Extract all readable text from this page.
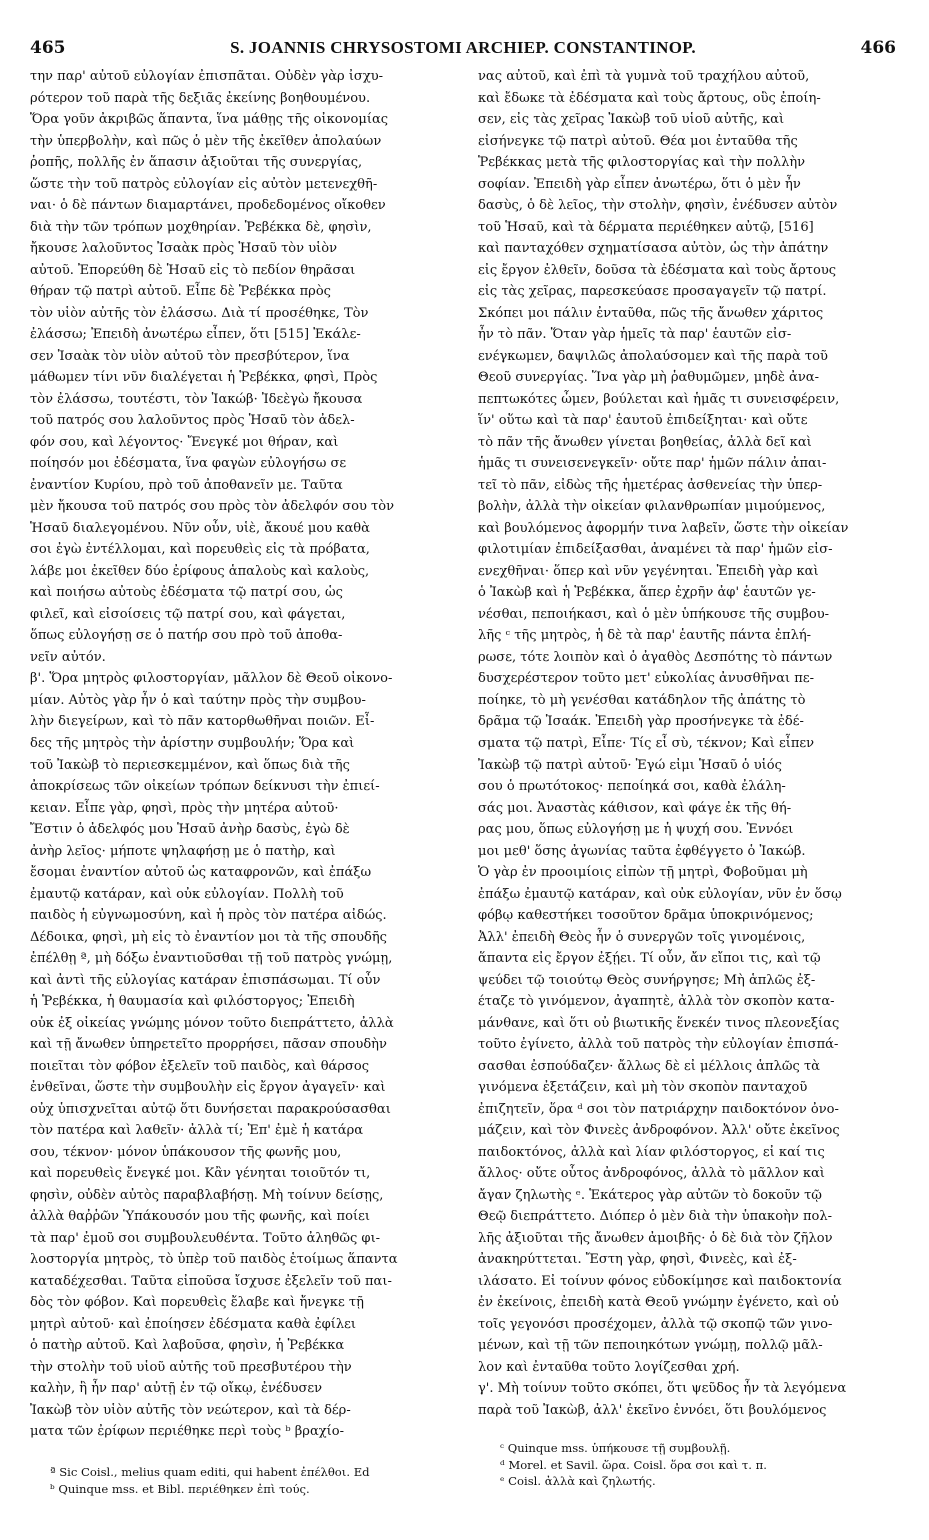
465	S. JOANNIS CHRYSOSTOMI ARCHIEP. CONSTANTINOP.	466
την παρ' αὐτοῦ εὐλογίαν ἐπισπᾶται. Οὐδὲν γὰρ ἰσχυ-
ρότερον τοῦ παρὰ τῆς δεξιᾶς ἐκείνης βοηθουμένου.
Ὅρα γοῦν ἀκριβῶς ἅπαντα, ἵνα μάθῃς τῆς οἰκονομίας
τὴν ὑπερβολὴν, καὶ πῶς ὁ μὲν τῆς ἐκεῖθεν ἀπολαύων
ῥοπῆς, πολλῆς ἐν ἅπασιν ἀξιοῦται τῆς συνεργίας,
ὥστε τὴν τοῦ πατρὸς εὐλογίαν εἰς αὐτὸν μετενεχθῆ-
ναι· ὁ δὲ πάντων διαμαρτάνει, προδεδομένος οἴκοθεν
διὰ τὴν τῶν τρόπων μοχθηρίαν. Ῥεβέκκα δὲ, φησὶν,
ἤκουσε λαλοῦντος Ἰσαὰκ πρὸς Ἡσαῦ τὸν υἱὸν
αὐτοῦ. Ἐπορεύθη δὲ Ἡσαῦ εἰς τὸ πεδίον θηρᾶσαι
θήραν τῷ πατρὶ αὐτοῦ. Εἶπε δὲ Ῥεβέκκα πρὸς
τὸν υἱὸν αὐτῆς τὸν ἐλάσσω. Διὰ τί προσέθηκε, Τὸν
ἐλάσσω; Ἐπειδὴ ἀνωτέρω εἶπεν, ὅτι [515] Ἐκάλε-
σεν Ἰσαὰκ τὸν υἱὸν αὐτοῦ τὸν πρεσβύτερον, ἵνα
μάθωμεν τίνι νῦν διαλέγεται ἡ Ῥεβέκκα, φησὶ, Πρὸς
τὸν ἐλάσσω, τουτέστι, τὸν Ἰακώβ· Ἰδεὲγὼ ἤκουσα
τοῦ πατρός σου λαλοῦντος πρὸς Ἡσαῦ τὸν ἀδελ-
φόν σου, καὶ λέγοντος· Ἔνεγκέ μοι θήραν, καὶ
ποίησόν μοι ἐδέσματα, ἵνα φαγὼν εὐλογήσω σε
ἐναντίον Κυρίου, πρὸ τοῦ ἀποθανεῖν με. Ταῦτα
μὲν ἤκουσα τοῦ πατρός σου πρὸς τὸν ἀδελφόν σου τὸν
Ἡσαῦ διαλεγομένου. Νῦν οὖν, υἱὲ, ἄκουέ μου καθὰ
σοι ἐγὼ ἐντέλλομαι, καὶ πορευθεὶς εἰς τὰ πρόβατα,
λάβε μοι ἐκεῖθεν δύο ἐρίφους ἁπαλοὺς καὶ καλοὺς,
καὶ ποιήσω αὐτοὺς ἐδέσματα τῷ πατρί σου, ὡς
φιλεῖ, καὶ εἰσοίσεις τῷ πατρί σου, καὶ φάγεται,
ὅπως εὐλογήσῃ σε ὁ πατήρ σου πρὸ τοῦ ἀποθα-
νεῖν αὐτόν.
β'. Ὅρα μητρὸς φιλοστοργίαν, μᾶλλον δὲ Θεοῦ οἰκονο-
μίαν. Αὐτὸς γὰρ ἦν ὁ καὶ ταύτην πρὸς τὴν συμβου-
λὴν διεγείρων, καὶ τὸ πᾶν κατορθωθῆναι ποιῶν. Εἶ-
δες τῆς μητρὸς τὴν ἀρίστην συμβουλήν; Ὅρα καὶ
τοῦ Ἰακὼβ τὸ περιεσκεμμένον, καὶ ὅπως διὰ τῆς
ἀποκρίσεως τῶν οἰκείων τρόπων δείκνυσι τὴν ἐπιεί-
κειαν. Εἶπε γὰρ, φησὶ, πρὸς τὴν μητέρα αὐτοῦ·
Ἔστιν ὁ ἀδελφός μου Ἡσαῦ ἀνὴρ δασὺς, ἐγὼ δὲ
ἀνὴρ λεῖος· μήποτε ψηλαφήσῃ με ὁ πατὴρ, καὶ
ἔσομαι ἐναντίον αὐτοῦ ὡς καταφρονῶν, καὶ ἐπάξω
ἐμαυτῷ κατάραν, καὶ οὐκ εὐλογίαν. Πολλὴ τοῦ
παιδὸς ἡ εὐγνωμοσύνη, καὶ ἡ πρὸς τὸν πατέρα αἰδώς.
Δέδοικα, φησὶ, μὴ εἰς τὸ ἐναντίον μοι τὰ τῆς σπουδῆς
ἐπέλθῃ ª, μὴ δόξω ἐναντιοῦσθαι τῇ τοῦ πατρὸς γνώμῃ,
καὶ ἀντὶ τῆς εὐλογίας κατάραν ἐπισπάσωμαι. Τί οὖν
ἡ Ῥεβέκκα, ἡ θαυμασία καὶ φιλόστοργος; Ἐπειδὴ
οὐκ ἐξ οἰκείας γνώμης μόνον τοῦτο διεπράττετο, ἀλλὰ
καὶ τῇ ἄνωθεν ὑπηρετεῖτο προρρήσει, πᾶσαν σπουδὴν
ποιεῖται τὸν φόβον ἐξελεῖν τοῦ παιδὸς, καὶ θάρσος
ἐνθεῖναι, ὥστε τὴν συμβουλὴν εἰς ἔργον ἀγαγεῖν· καὶ
οὐχ ὑπισχνεῖται αὐτῷ ὅτι δυνήσεται παρακρούσασθαι
τὸν πατέρα καὶ λαθεῖν· ἀλλὰ τί; Ἐπ' ἐμὲ ἡ κατάρα
σου, τέκνον· μόνον ὑπάκουσον τῆς φωνῆς μου,
καὶ πορευθεὶς ἔνεγκέ μοι. Κἂν γένηται τοιοῦτόν τι,
φησὶν, οὐδὲν αὐτὸς παραβλαβήσῃ. Μὴ τοίνυν δείσῃς,
ἀλλὰ θαῤῥῶν Ὑπάκουσόν μου τῆς φωνῆς, καὶ ποίει
τὰ παρ' ἐμοῦ σοι συμβουλευθέντα. Τοῦτο ἀληθῶς φι-
λοστοργία μητρὸς, τὸ ὑπὲρ τοῦ παιδὸς ἑτοίμως ἅπαντα
καταδέχεσθαι. Ταῦτα εἰποῦσα ἴσχυσε ἐξελεῖν τοῦ παι-
δὸς τὸν φόβον. Καὶ πορευθεὶς ἔλαβε καὶ ἤνεγκε τῇ
μητρὶ αὐτοῦ· καὶ ἐποίησεν ἐδέσματα καθὰ ἐφίλει
ὁ πατὴρ αὐτοῦ. Καὶ λαβοῦσα, φησὶν, ἡ Ῥεβέκκα
τὴν στολὴν τοῦ υἱοῦ αὐτῆς τοῦ πρεσβυτέρου τὴν
καλὴν, ἣ ἦν παρ' αὐτῇ ἐν τῷ οἴκῳ, ἐνέδυσεν
Ἰακὼβ τὸν υἱὸν αὐτῆς τὸν νεώτερον, καὶ τὰ δέρ-
ματα τῶν ἐρίφων περιέθηκε περὶ τοὺς ᵇ βραχίο-
νας αὐτοῦ, καὶ ἐπὶ τὰ γυμνὰ τοῦ τραχήλου αὐτοῦ,
καὶ ἔδωκε τὰ ἐδέσματα καὶ τοὺς ἄρτους, οὓς ἐποίη-
σεν, εἰς τὰς χεῖρας Ἰακὼβ τοῦ υἱοῦ αὐτῆς, καὶ
εἰσήνεγκε τῷ πατρὶ αὐτοῦ. Θέα μοι ἐνταῦθα τῆς
Ῥεβέκκας μετὰ τῆς φιλοστοργίας καὶ τὴν πολλὴν
σοφίαν. Ἐπειδὴ γὰρ εἶπεν ἀνωτέρω, ὅτι ὁ μὲν ἦν
δασὺς, ὁ δὲ λεῖος, τὴν στολὴν, φησὶν, ἐνέδυσεν αὐτὸν
τοῦ Ἡσαῦ, καὶ τὰ δέρματα περιέθηκεν αὐτῷ, [516]
καὶ πανταχόθεν σχηματίσασα αὐτὸν, ὡς τὴν ἀπάτην
εἰς ἔργον ἐλθεῖν, δοῦσα τὰ ἐδέσματα καὶ τοὺς ἄρτους
εἰς τὰς χεῖρας, παρεσκεύασε προσαγαγεῖν τῷ πατρί.
Σκόπει μοι πάλιν ἐνταῦθα, πῶς τῆς ἄνωθεν χάριτος
ἦν τὸ πᾶν. Ὅταν γὰρ ἡμεῖς τὰ παρ' ἑαυτῶν εἰσ-
ενέγκωμεν, δαψιλῶς ἀπολαύσομεν καὶ τῆς παρὰ τοῦ
Θεοῦ συνεργίας. Ἵνα γὰρ μὴ ῥαθυμῶμεν, μηδὲ ἀνα-
πεπτωκότες ὦμεν, βούλεται καὶ ἡμᾶς τι συνεισφέρειν,
ἵν' οὕτω καὶ τὰ παρ' ἑαυτοῦ ἐπιδείξηται· καὶ οὔτε
τὸ πᾶν τῆς ἄνωθεν γίνεται βοηθείας, ἀλλὰ δεῖ καὶ
ἡμᾶς τι συνεισενεγκεῖν· οὔτε παρ' ἡμῶν πάλιν ἀπαι-
τεῖ τὸ πᾶν, εἰδὼς τῆς ἡμετέρας ἀσθενείας τὴν ὑπερ-
βολὴν, ἀλλὰ τὴν οἰκείαν φιλανθρωπίαν μιμούμενος,
καὶ βουλόμενος ἀφορμήν τινα λαβεῖν, ὥστε τὴν οἰκείαν
φιλοτιμίαν ἐπιδείξασθαι, ἀναμένει τὰ παρ' ἡμῶν εἰσ-
ενεχθῆναι· ὅπερ καὶ νῦν γεγένηται. Ἐπειδὴ γὰρ καὶ
ὁ Ἰακὼβ καὶ ἡ Ῥεβέκκα, ἅπερ ἐχρῆν ἀφ' ἑαυτῶν γε-
νέσθαι, πεποιήκασι, καὶ ὁ μὲν ὑπήκουσε τῆς συμβου-
λῆς ᶜ τῆς μητρὸς, ἡ δὲ τὰ παρ' ἑαυτῆς πάντα ἐπλή-
ρωσε, τότε λοιπὸν καὶ ὁ ἀγαθὸς Δεσπότης τὸ πάντων
δυσχερέστερον τοῦτο μετ' εὐκολίας ἀνυσθῆναι πε-
ποίηκε, τὸ μὴ γενέσθαι κατάδηλον τῆς ἀπάτης τὸ
δρᾶμα τῷ Ἰσαάκ. Ἐπειδὴ γὰρ προσήνεγκε τὰ ἐδέ-
σματα τῷ πατρὶ, Εἶπε· Τίς εἶ σὺ, τέκνον; Καὶ εἶπεν
Ἰακὼβ τῷ πατρὶ αὐτοῦ· Ἐγώ εἰμι Ἡσαῦ ὁ υἱός
σου ὁ πρωτότοκος· πεποίηκά σοι, καθὰ ἐλάλη-
σάς μοι. Ἀναστὰς κάθισον, καὶ φάγε ἐκ τῆς θή-
ρας μου, ὅπως εὐλογήσῃ με ἡ ψυχή σου. Ἐννόει
μοι μεθ' ὅσης ἀγωνίας ταῦτα ἐφθέγγετο ὁ Ἰακώβ.
Ὁ γὰρ ἐν προοιμίοις εἰπὼν τῇ μητρὶ, Φοβοῦμαι μὴ
ἐπάξω ἐμαυτῷ κατάραν, καὶ οὐκ εὐλογίαν, νῦν ἐν ὅσῳ
φόβῳ καθεστήκει τοσοῦτον δρᾶμα ὑποκρινόμενος;
Ἀλλ' ἐπειδὴ Θεὸς ἦν ὁ συνεργῶν τοῖς γινομένοις,
ἅπαντα εἰς ἔργον ἐξῄει. Τί οὖν, ἄν εἴποι τις, καὶ τῷ
ψεύδει τῷ τοιούτῳ Θεὸς συνήργησε; Μὴ ἁπλῶς ἐξ-
έταζε τὸ γινόμενον, ἀγαπητὲ, ἀλλὰ τὸν σκοπὸν κατα-
μάνθανε, καὶ ὅτι οὐ βιωτικῆς ἕνεκέν τινος πλεονεξίας
τοῦτο ἐγίνετο, ἀλλὰ τοῦ πατρὸς τὴν εὐλογίαν ἐπισπά-
σασθαι ἐσπούδαζεν· ἄλλως δὲ εἰ μέλλοις ἁπλῶς τὰ
γινόμενα ἐξετάζειν, καὶ μὴ τὸν σκοπὸν πανταχοῦ
ἐπιζητεῖν, ὅρα ᵈ σοι τὸν πατριάρχην παιδοκτόνον ὀνο-
μάζειν, καὶ τὸν Φινεὲς ἀνδροφόνον. Ἀλλ' οὔτε ἐκεῖνος
παιδοκτόνος, ἀλλὰ καὶ λίαν φιλόστοργος, εἰ καί τις
ἄλλος· οὔτε οὗτος ἀνδροφόνος, ἀλλὰ τὸ μᾶλλον καὶ
ἄγαν ζηλωτὴς ᵉ. Ἑκάτερος γὰρ αὐτῶν τὸ δοκοῦν τῷ
Θεῷ διεπράττετο. Διόπερ ὁ μὲν διὰ τὴν ὑπακοὴν πολ-
λῆς ἀξιοῦται τῆς ἄνωθεν ἀμοιβῆς· ὁ δὲ διὰ τὸν ζῆλον
ἀνακηρύττεται. Ἔστη γὰρ, φησὶ, Φινεὲς, καὶ ἐξ-
ιλάσατο. Εἰ τοίνυν φόνος εὐδοκίμησε καὶ παιδοκτονία
ἐν ἐκείνοις, ἐπειδὴ κατὰ Θεοῦ γνώμην ἐγένετο, καὶ οὐ
τοῖς γεγονόσι προσέχομεν, ἀλλὰ τῷ σκοπῷ τῶν γινο-
μένων, καὶ τῇ τῶν πεποιηκότων γνώμῃ, πολλῷ μᾶλ-
λον καὶ ἐνταῦθα τοῦτο λογίζεσθαι χρή.
γ'. Μὴ τοίνυν τοῦτο σκόπει, ὅτι ψεῦδος ἦν τὰ λεγόμενα
παρὰ τοῦ Ἰακὼβ, ἀλλ' ἐκεῖνο ἐννόει, ὅτι βουλόμενος
ª Sic Coisl., melius quam editi, qui habent ἐπέλθοι. Ed
ᵇ Quinque mss. et Bibl. περιέθηκεν ἐπὶ τούς.
ᶜ Quinque mss. ὑπήκουσε τῇ συμβουλῇ.
ᵈ Morel. et Savil. ὥρα. Coisl. ὅρα σοι καὶ τ. π.
ᵉ Coisl. ἀλλὰ καὶ ζηλωτής.
